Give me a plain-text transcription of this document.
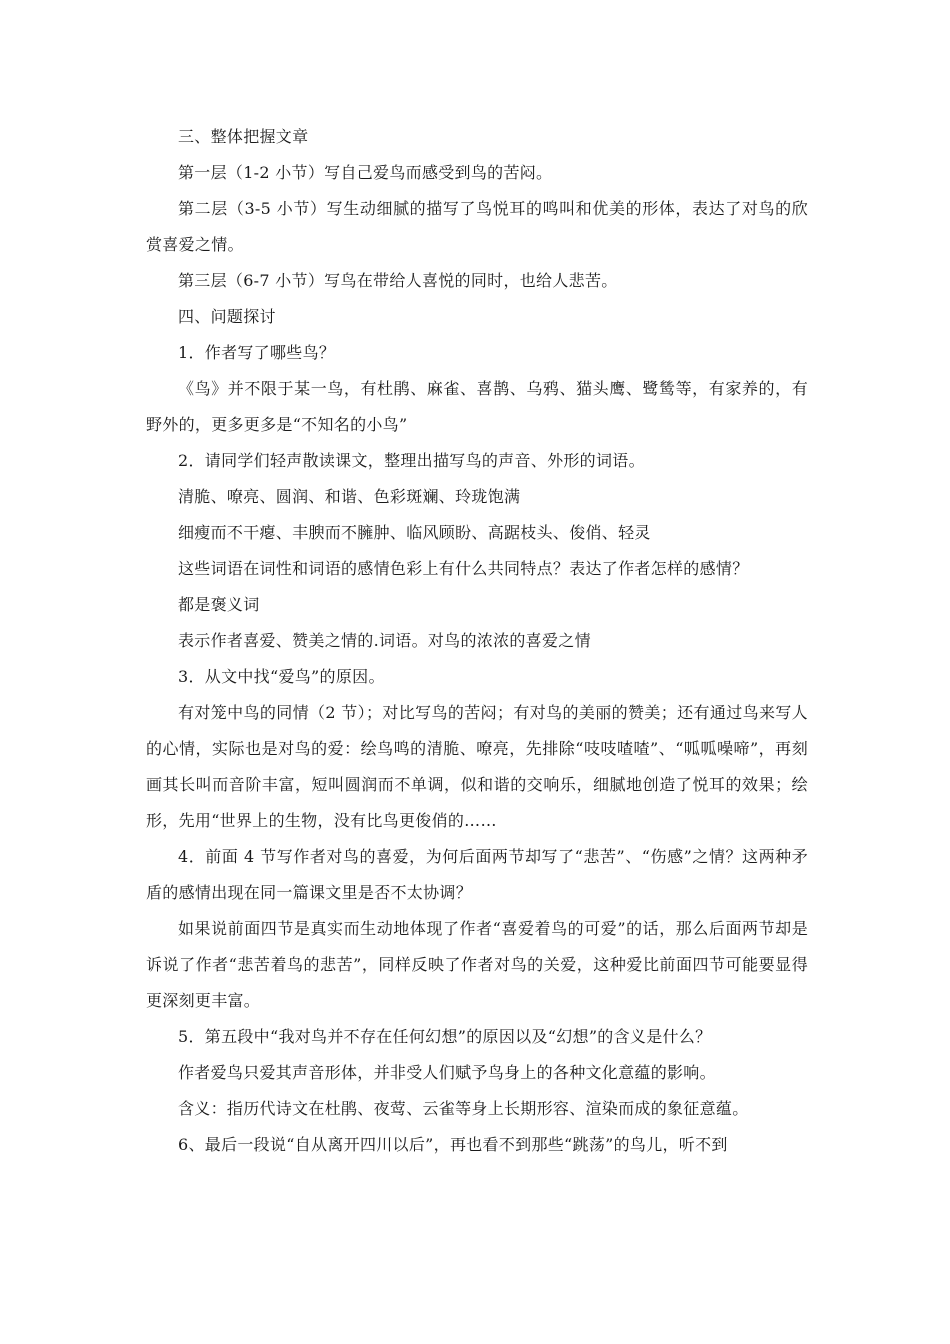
三、整体把握文章

第一层（1-2 小节）写自己爱鸟而感受到鸟的苦闷。

第二层（3-5 小节）写生动细腻的描写了鸟悦耳的鸣叫和优美的形体，表达了对鸟的欣赏喜爱之情。

第三层（6-7 小节）写鸟在带给人喜悦的同时，也给人悲苦。

四、问题探讨

1．作者写了哪些鸟？

《鸟》并不限于某一鸟，有杜鹃、麻雀、喜鹊、乌鸦、猫头鹰、鹭鸶等，有家养的，有野外的，更多更多是“不知名的小鸟”

2．请同学们轻声散读课文，整理出描写鸟的声音、外形的词语。

清脆、嘹亮、圆润、和谐、色彩斑斓、玲珑饱满

细瘦而不干瘪、丰腴而不臃肿、临风顾盼、高踞枝头、俊俏、轻灵

这些词语在词性和词语的感情色彩上有什么共同特点？表达了作者怎样的感情？

都是褒义词

表示作者喜爱、赞美之情的.词语。对鸟的浓浓的喜爱之情

3．从文中找“爱鸟”的原因。

有对笼中鸟的同情（2 节）；对比写鸟的苦闷；有对鸟的美丽的赞美；还有通过鸟来写人的心情，实际也是对鸟的爱：绘鸟鸣的清脆、嘹亮，先排除“吱吱喳喳”、“呱呱噪啼”，再刻画其长叫而音阶丰富，短叫圆润而不单调，似和谐的交响乐，细腻地创造了悦耳的效果；绘形，先用“世界上的生物，没有比鸟更俊俏的……

4．前面 4 节写作者对鸟的喜爱，为何后面两节却写了“悲苦”、“伤感”之情？这两种矛盾的感情出现在同一篇课文里是否不太协调？

如果说前面四节是真实而生动地体现了作者“喜爱着鸟的可爱”的话，那么后面两节却是诉说了作者“悲苦着鸟的悲苦”，同样反映了作者对鸟的关爱，这种爱比前面四节可能要显得更深刻更丰富。

5．第五段中“我对鸟并不存在任何幻想”的原因以及“幻想”的含义是什么？

作者爱鸟只爱其声音形体，并非受人们赋予鸟身上的各种文化意蕴的影响。

含义：指历代诗文在杜鹃、夜莺、云雀等身上长期形容、渲染而成的象征意蕴。

6、最后一段说“自从离开四川以后”，再也看不到那些“跳荡”的鸟儿，听不到
